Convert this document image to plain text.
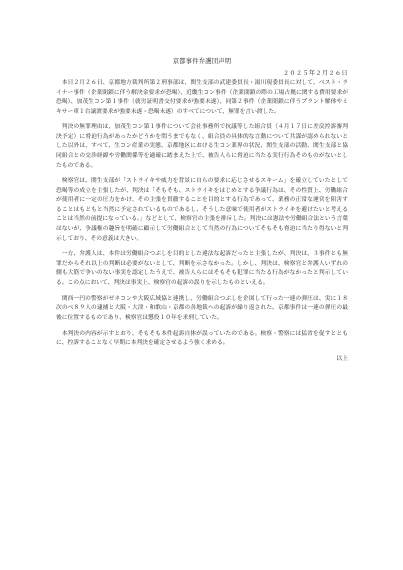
京都事件弁護団声明
２０２５年２月２６日

本日２月２６日、京都地方裁判所第２刑事部は、関生支部の武建委員長・湯川現委員長に対して、ベスト・ライナー事件（企業閉鎖に伴う解決金要求が恐喝）、近畿生コン事件（企業閉鎖の際の工場占拠に関する費用要求が恐喝）、加茂生コン第１事件（就労証明書交付要求が強要未遂）、同第２事件（企業閉鎖に伴うプラント解体やミキサー車１台譲渡要求が強要未遂・恐喝未遂）のすべてについて、無罪を言い渡した。

判決の無罪理由は、加茂生コン第１事件について会社事務所で抗議等した組合員（４月１７日に差戻控訴審判決予定）に脅迫行為があったかどうかを問うまでもなく、組合員の具体的な言動について共謀が認められないとした以外は、すべて、生コン産業の実態、京都地区における生コン業界の状況、関生支部の活動、関生支部と協同組合との交渉経緯や労働関係等を適確に踏まえた上で、被告人らに脅迫に当たる実行行為そのものがないとしたものである。

検察官は、関生支部が「ストライキや威力を背景に自らの要求に応じさせるスキーム」を確立していたとして恐喝等の成立を主張したが、判決は「そもそも、ストライキをはじめとする争議行為は、その性質上、労働組合が使用者に一定の圧力をかけ、その主張を貫徹することを目的とする行為であって、業務の正常な運営を阻害することはもともと当然に予定されているものであるし、そうした意味で使用者がストライキを避けたいと考えることは当然の前提になっている。」などとして、検察官の主張を排斥した。判決には憲法や労働組合法という言葉はないが、争議権の趣旨を明確に顧示して労働組合として当然の行為についてそもそも脅迫に当たり得ないと判示しており、その意義は大きい。

一方、弁護人は、本件は労働組合つぶしを目的とした違法な起訴だったと主張したが、判決は、３事件とも無罪だからそれ以上の判断は必要がないとして、判断を示さなかった。しかし、判決は、検察官と弁護人いずれの側も大筋で争いのない事実を認定したうえで、被告人らにはそもそも犯罪に当たる行為がなかったと判示している。この点において、判決は事実上、検察官の起訴の誤りを示したものといえる。

関西一円の警察がゼネコンや大阪広域協と連携し、労働組合つぶしを企図して行った一連の弾圧は、実に１８次のべ８９人の逮捕と大阪・大津・和歌山・京都の各地裁への起訴が繰り返された。京都事件は一連の弾圧の最後に位置するものであり、検察官は懲役１０年を求刑していた。

本判決の内容が示すとおり、そもそも本件起訴自体が誤っていたのである。検察・警察には猛省を促すとともに、控訴することなく早期に本判決を確定させるよう強く求める。

以上
